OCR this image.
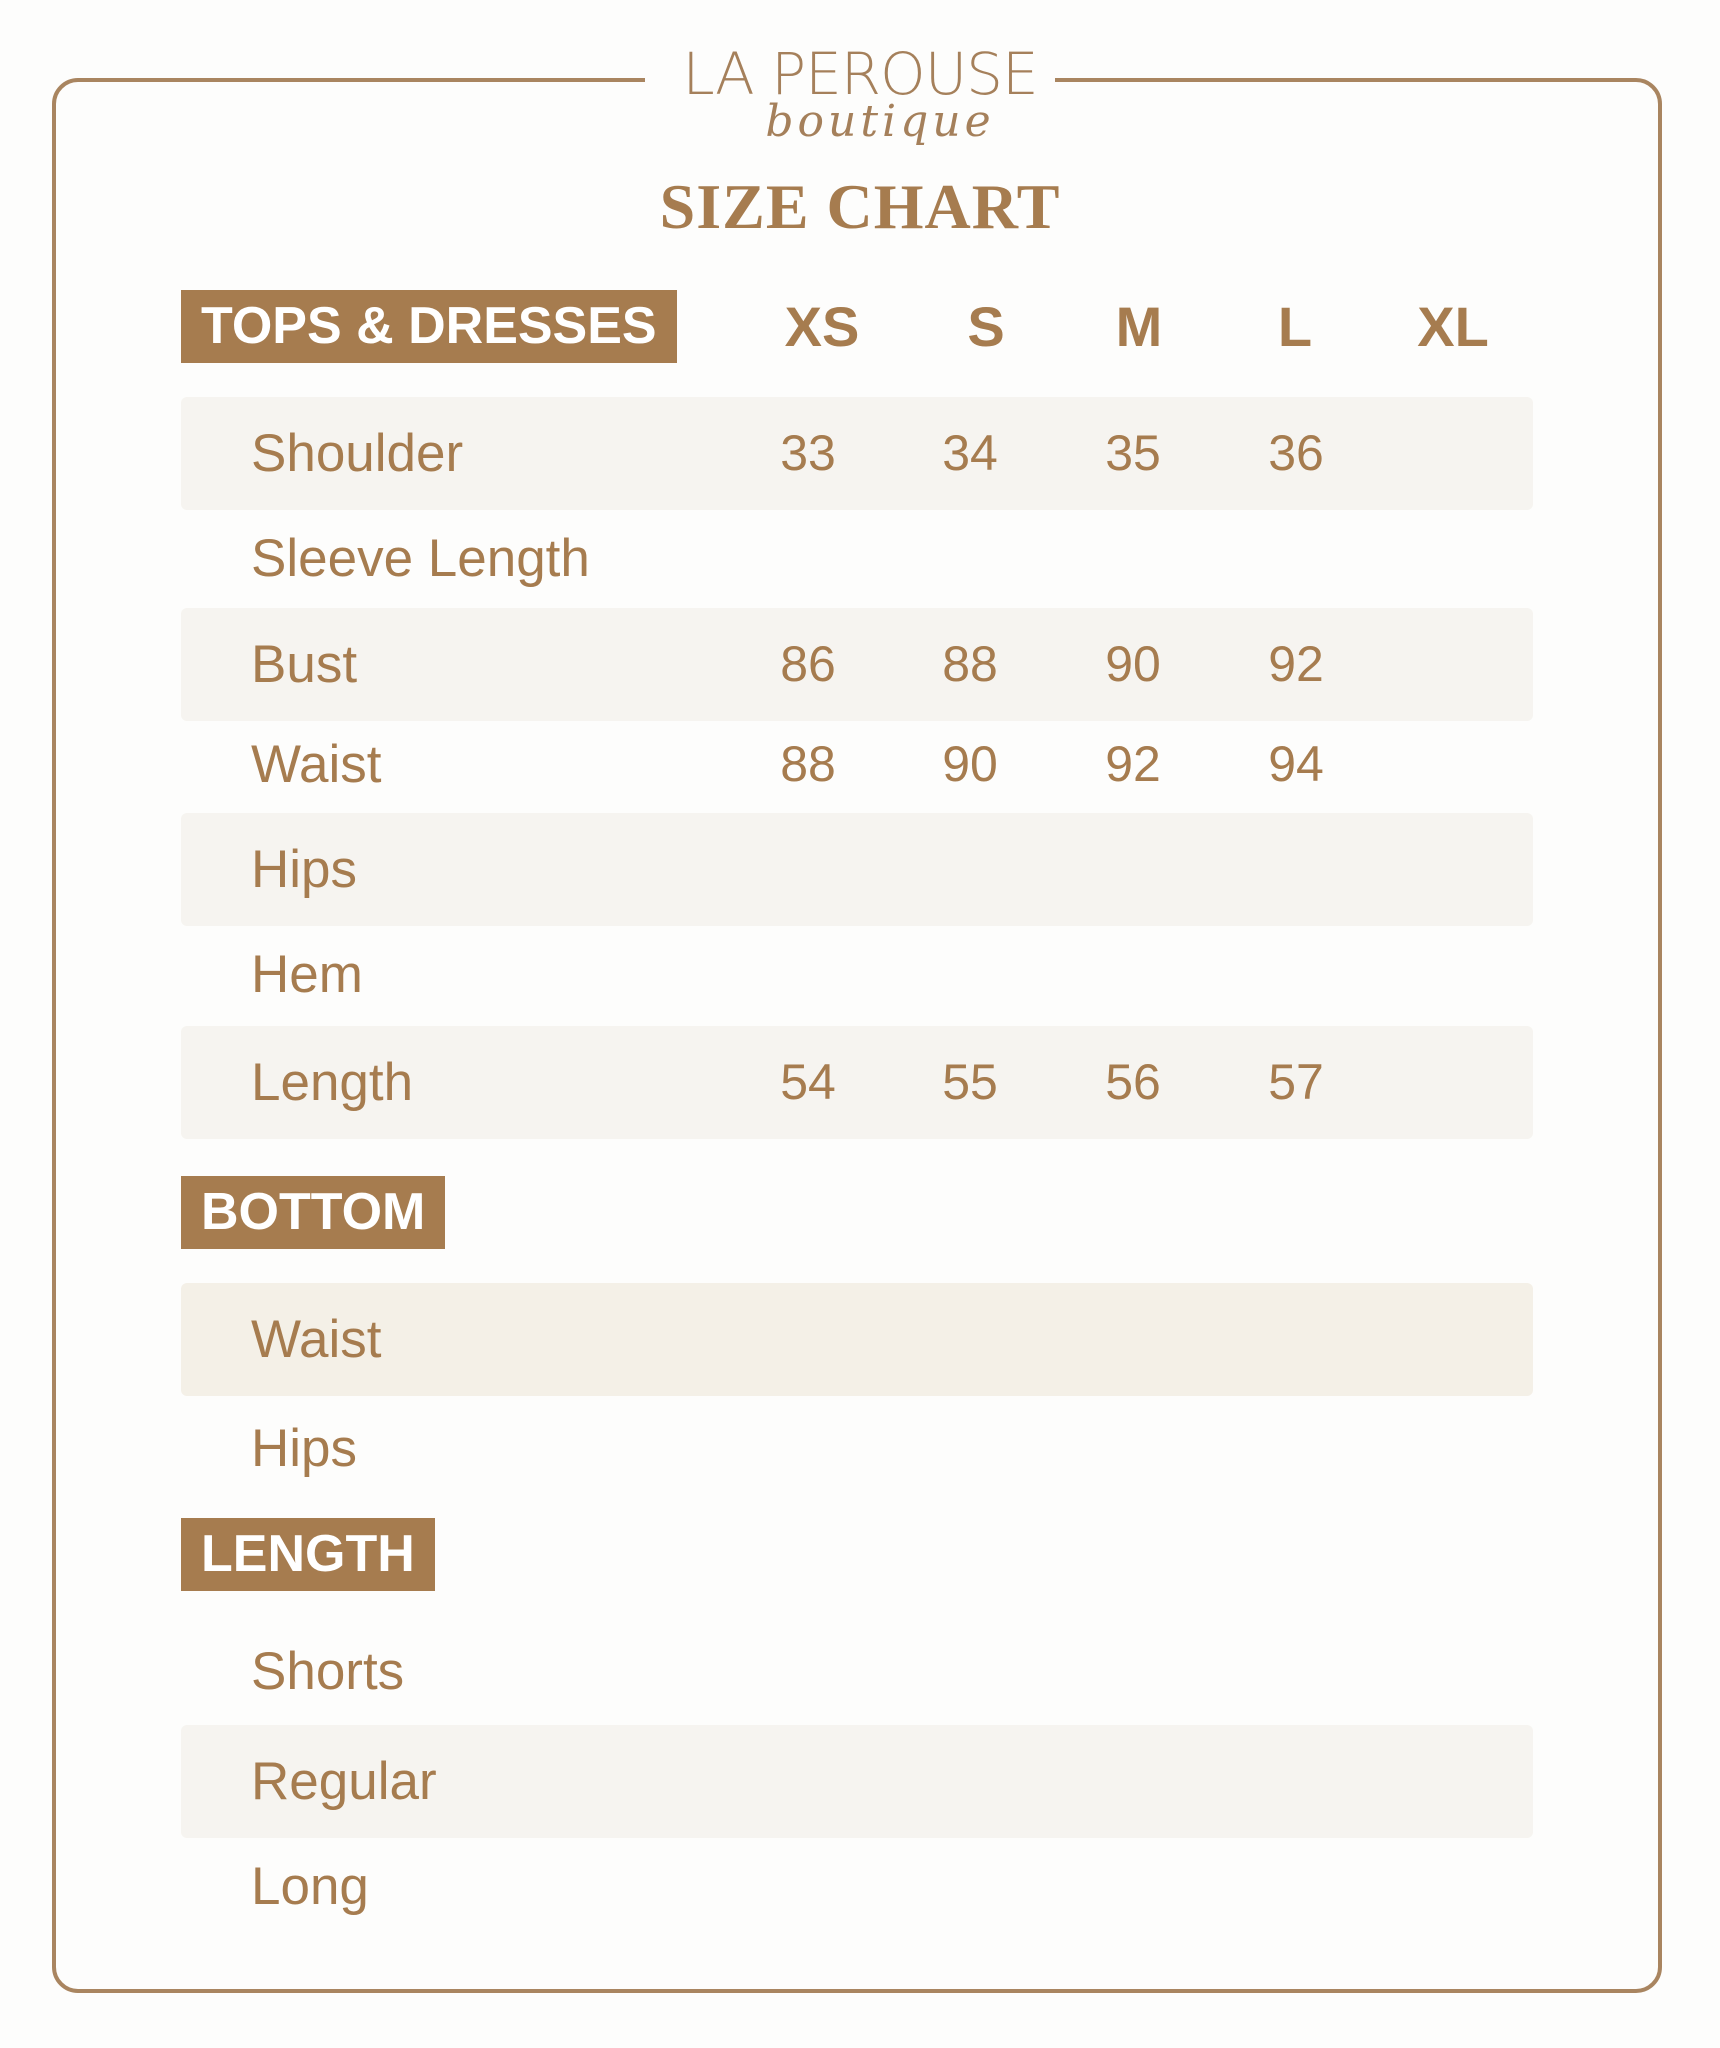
LA PEROUSE
boutique
SIZE CHART
TOPS & DRESSES	XS	S	M	L	XL
Shoulder	33	34	35	36
Sleeve Length
Bust	86	88	90	92
Waist	88	90	92	94
Hips
Hem
Length	54	55	56	57
BOTTOM
Waist
Hips
LENGTH
Shorts
Regular
Long
